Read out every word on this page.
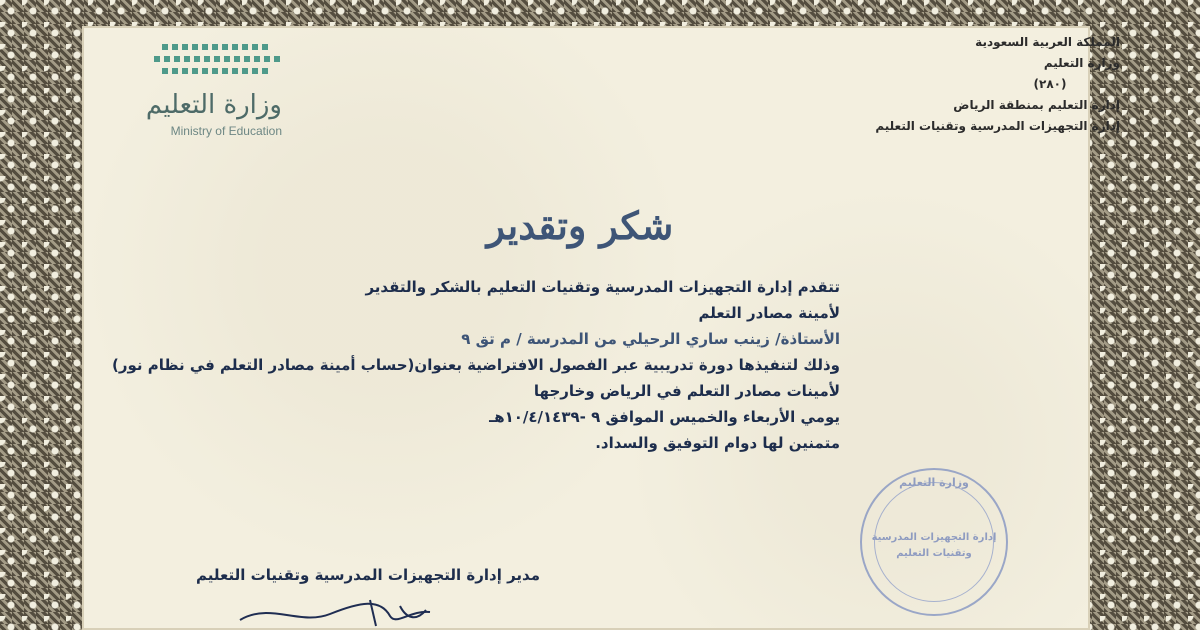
وزارة التعليم
Ministry of Education
المملكة العربية السعودية
وزارة التعليم
(٢٨٠)
إدارة التعليم بمنطقة الرياض
إدارة التجهيزات المدرسية وتقنيات التعليم
شكر وتقدير
تتقدم إدارة التجهيزات المدرسية وتقنيات التعليم بالشكر والتقدير
لأمينة مصادر التعلم
الأستاذة/ زينب ساري الرحيلي من المدرسة / م تق ٩
وذلك لتنفيذها دورة تدريبية عبر الفصول الافتراضية بعنوان(حساب أمينة مصادر التعلم في نظام نور)
لأمينات مصادر التعلم في الرياض وخارجها
يومي الأربعاء والخميس الموافق ٩ -١٠/٤/١٤٣٩هـ
متمنين لها دوام التوفيق والسداد.
وزارة التعليم
إدارة التجهيزات المدرسية
وتقنيات التعليم
مدير إدارة التجهيزات المدرسية وتقنيات التعليم
